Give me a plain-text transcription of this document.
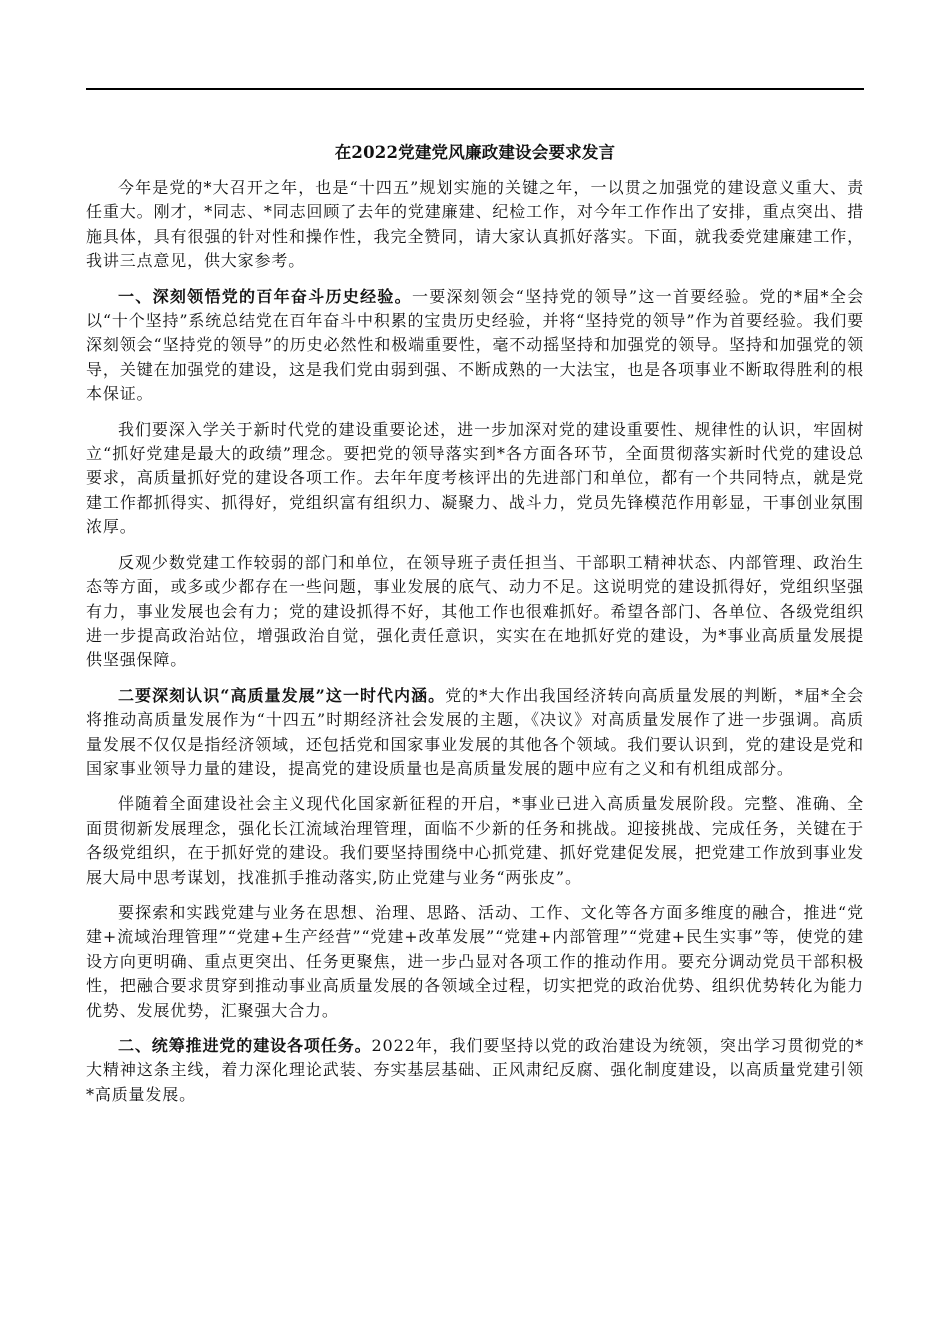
在2022党建党风廉政建设会要求发言

今年是党的*大召开之年，也是“十四五”规划实施的关键之年，一以贯之加强党的建设意义重大、责任重大。刚才，*同志、*同志回顾了去年的党建廉建、纪检工作，对今年工作作出了安排，重点突出、措施具体，具有很强的针对性和操作性，我完全赞同，请大家认真抓好落实。下面，就我委党建廉建工作，我讲三点意见，供大家参考。

一、深刻领悟党的百年奋斗历史经验。一要深刻领会“坚持党的领导”这一首要经验。党的*届*全会以“十个坚持”系统总结党在百年奋斗中积累的宝贵历史经验，并将“坚持党的领导”作为首要经验。我们要深刻领会“坚持党的领导”的历史必然性和极端重要性，毫不动摇坚持和加强党的领导。坚持和加强党的领导，关键在加强党的建设，这是我们党由弱到强、不断成熟的一大法宝，也是各项事业不断取得胜利的根本保证。

我们要深入学关于新时代党的建设重要论述，进一步加深对党的建设重要性、规律性的认识，牢固树立“抓好党建是最大的政绩”理念。要把党的领导落实到*各方面各环节，全面贯彻落实新时代党的建设总要求，高质量抓好党的建设各项工作。去年年度考核评出的先进部门和单位，都有一个共同特点，就是党建工作都抓得实、抓得好，党组织富有组织力、凝聚力、战斗力，党员先锋模范作用彰显，干事创业氛围浓厚。

反观少数党建工作较弱的部门和单位，在领导班子责任担当、干部职工精神状态、内部管理、政治生态等方面，或多或少都存在一些问题，事业发展的底气、动力不足。这说明党的建设抓得好，党组织坚强有力，事业发展也会有力；党的建设抓得不好，其他工作也很难抓好。希望各部门、各单位、各级党组织进一步提高政治站位，增强政治自觉，强化责任意识，实实在在地抓好党的建设，为*事业高质量发展提供坚强保障。

二要深刻认识“高质量发展”这一时代内涵。党的*大作出我国经济转向高质量发展的判断，*届*全会将推动高质量发展作为“十四五”时期经济社会发展的主题，《决议》对高质量发展作了进一步强调。高质量发展不仅仅是指经济领域，还包括党和国家事业发展的其他各个领域。我们要认识到，党的建设是党和国家事业领导力量的建设，提高党的建设质量也是高质量发展的题中应有之义和有机组成部分。

伴随着全面建设社会主义现代化国家新征程的开启，*事业已进入高质量发展阶段。完整、准确、全面贯彻新发展理念，强化长江流域治理管理，面临不少新的任务和挑战。迎接挑战、完成任务，关键在于各级党组织，在于抓好党的建设。我们要坚持围绕中心抓党建、抓好党建促发展，把党建工作放到事业发展大局中思考谋划，找准抓手推动落实,防止党建与业务“两张皮”。

要探索和实践党建与业务在思想、治理、思路、活动、工作、文化等各方面多维度的融合，推进“党建+流域治理管理”“党建+生产经营”“党建+改革发展”“党建+内部管理”“党建+民生实事”等，使党的建设方向更明确、重点更突出、任务更聚焦，进一步凸显对各项工作的推动作用。要充分调动党员干部积极性，把融合要求贯穿到推动事业高质量发展的各领域全过程，切实把党的政治优势、组织优势转化为能力优势、发展优势，汇聚强大合力。

二、统筹推进党的建设各项任务。2022年，我们要坚持以党的政治建设为统领，突出学习贯彻党的*大精神这条主线，着力深化理论武装、夯实基层基础、正风肃纪反腐、强化制度建设，以高质量党建引领*高质量发展。
